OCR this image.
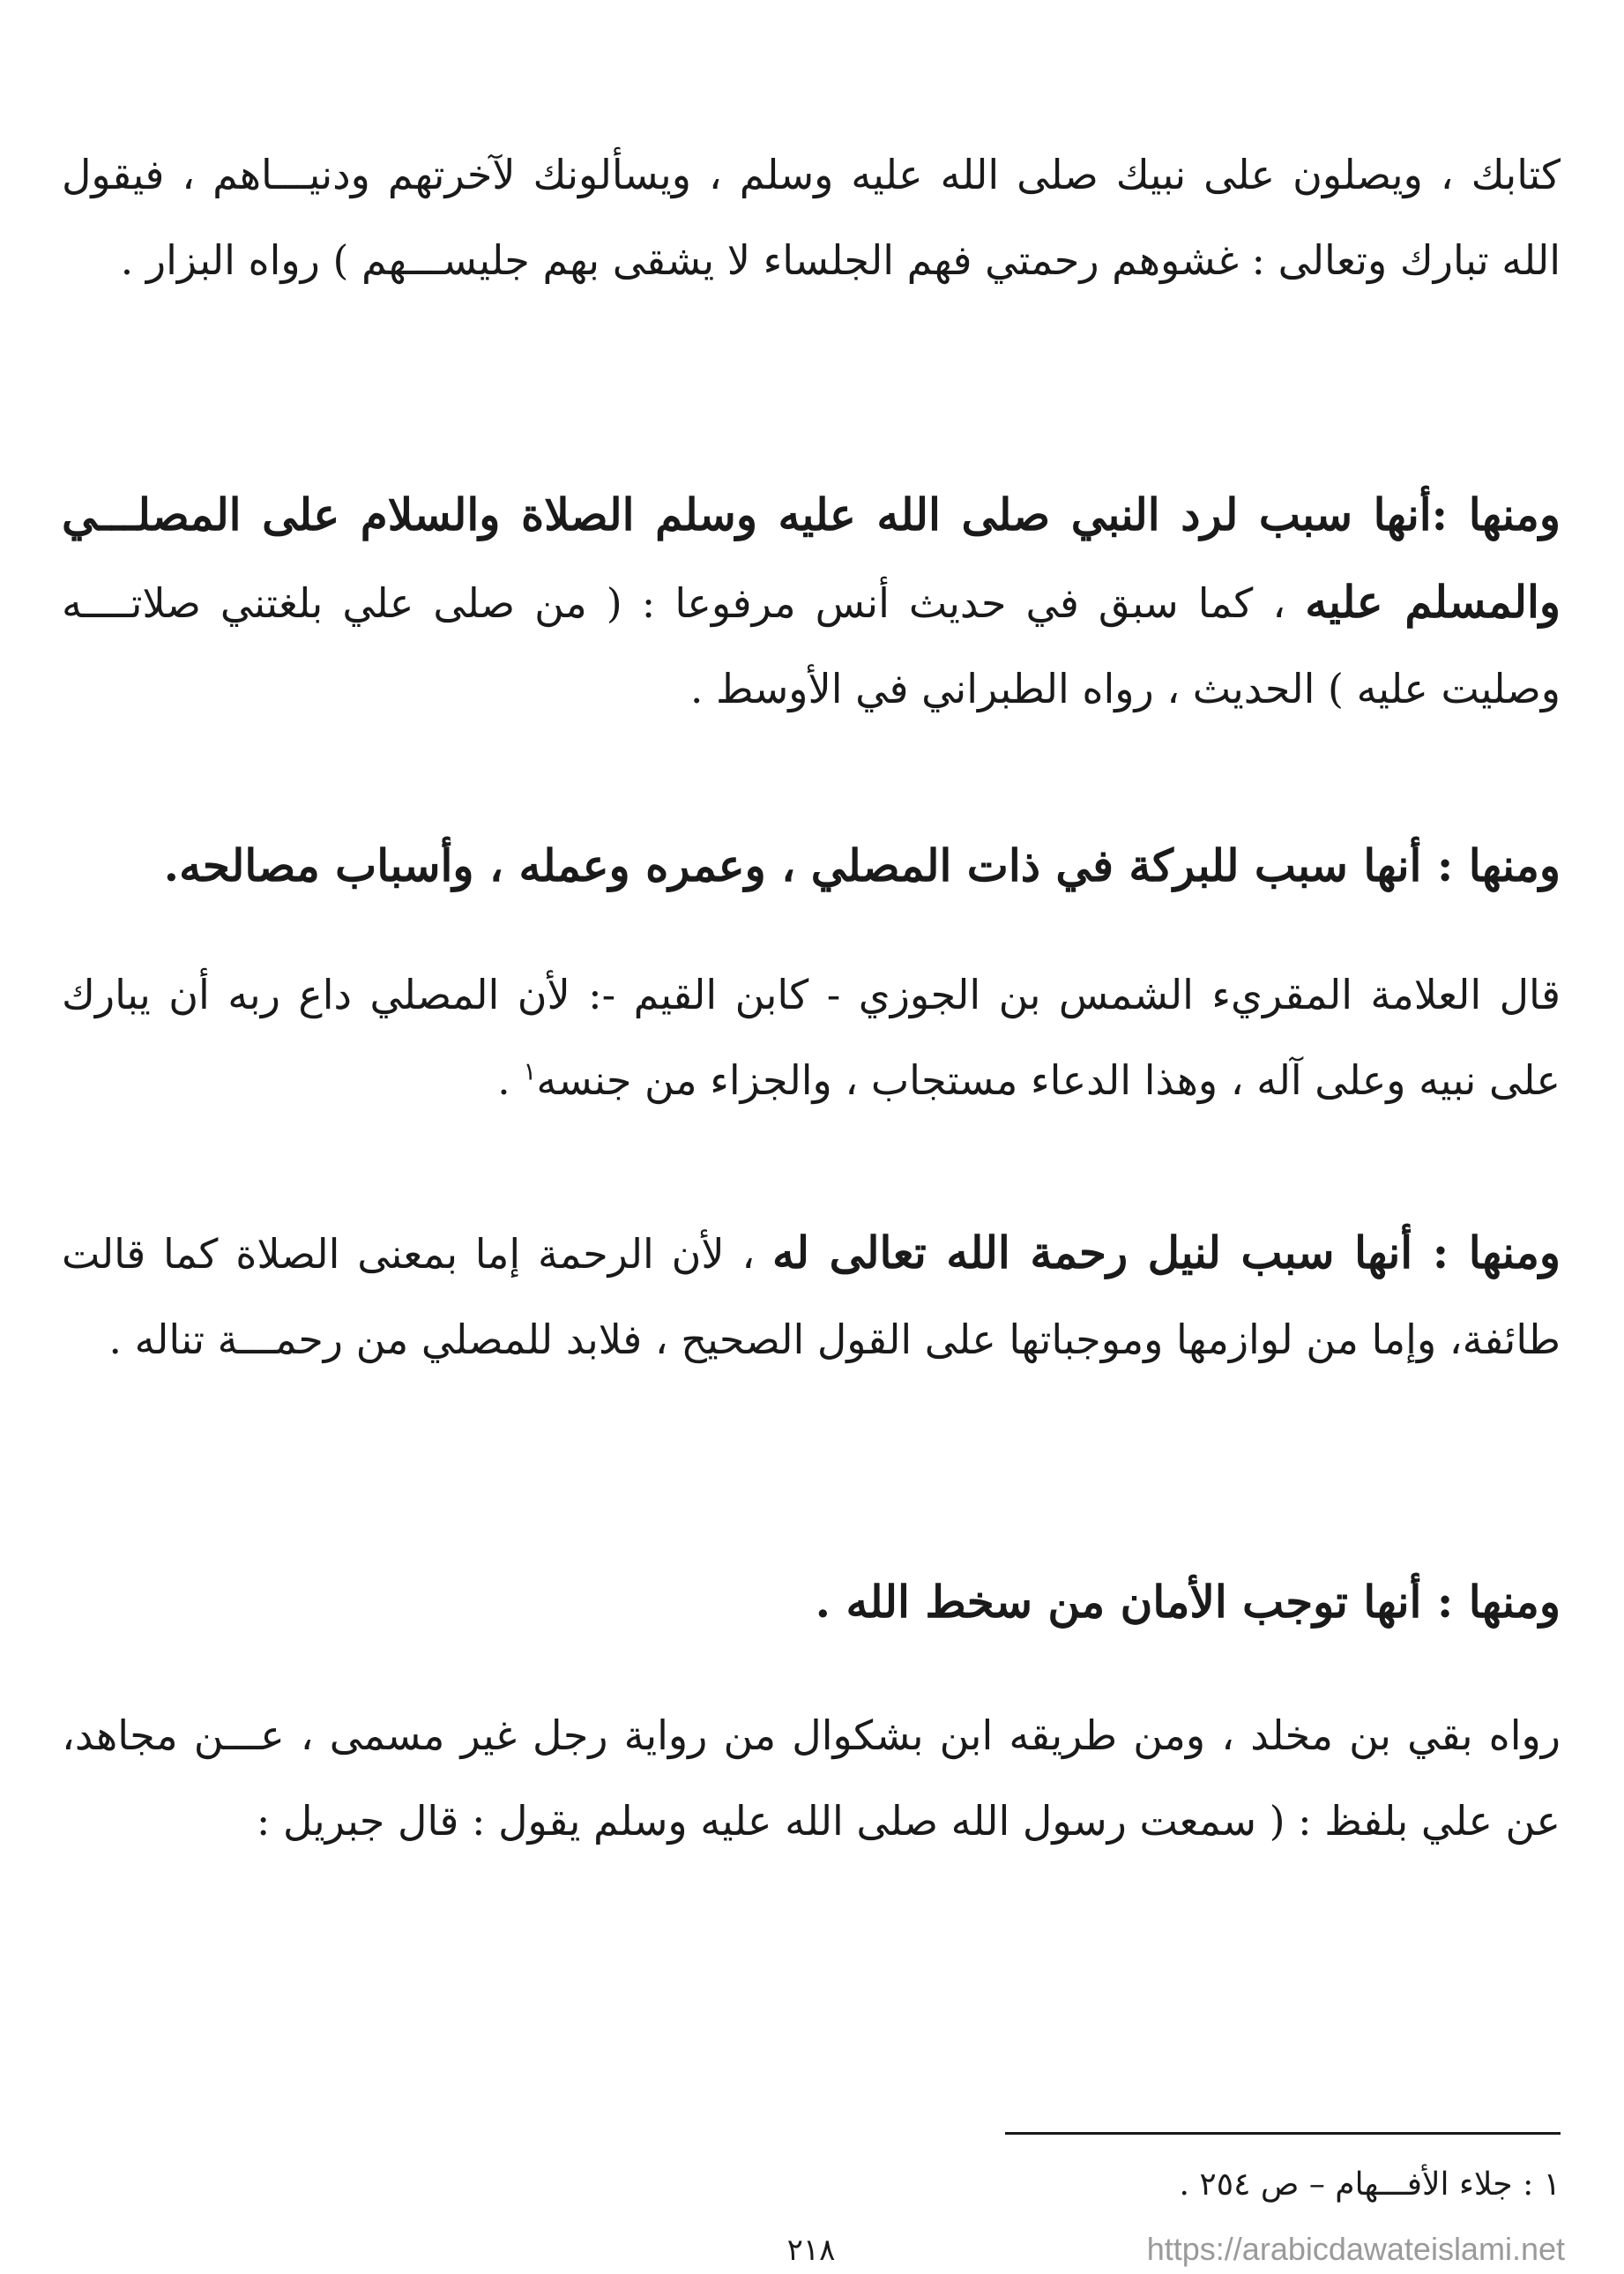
كتابك ، ويصلون على نبيك صلى الله عليه وسلم ، ويسألونك لآخرتهم ودنيـــاهم ، فيقول الله تبارك وتعالى : غشوهم رحمتي فهم الجلساء لا يشقى بهم جليســـهم ) رواه البزار .
ومنها :أنها سبب لرد النبي صلى الله عليه وسلم الصلاة والسلام على المصلـــي والمسلم عليه ، كما سبق في حديث أنس مرفوعا : ( من صلى علي بلغتني صلاتــــه وصليت عليه ) الحديث ، رواه الطبراني في الأوسط .
ومنها : أنها سبب للبركة في ذات المصلي ، وعمره وعمله ، وأسباب مصالحه.
قال العلامة المقريء الشمس بن الجوزي - كابن القيم -: لأن المصلي داع ربه أن يبارك على نبيه وعلى آله ، وهذا الدعاء مستجاب ، والجزاء من جنسه$^١$ .
ومنها : أنها سبب لنيل رحمة الله تعالى له ، لأن الرحمة إما بمعنى الصلاة كما قالت طائفة، وإما من لوازمها وموجباتها على القول الصحيح ، فلابد للمصلي من رحمـــة تناله .
ومنها : أنها توجب الأمان من سخط الله .
رواه بقي بن مخلد ، ومن طريقه ابن بشكوال من رواية رجل غير مسمى ، عـــن مجاهد، عن علي بلفظ : ( سمعت رسول الله صلى الله عليه وسلم يقول : قال جبريل :
١ : جلاء الأفـــهام – ص ٢٥٤ .
٢١٨	https://arabicdawateislami.net
